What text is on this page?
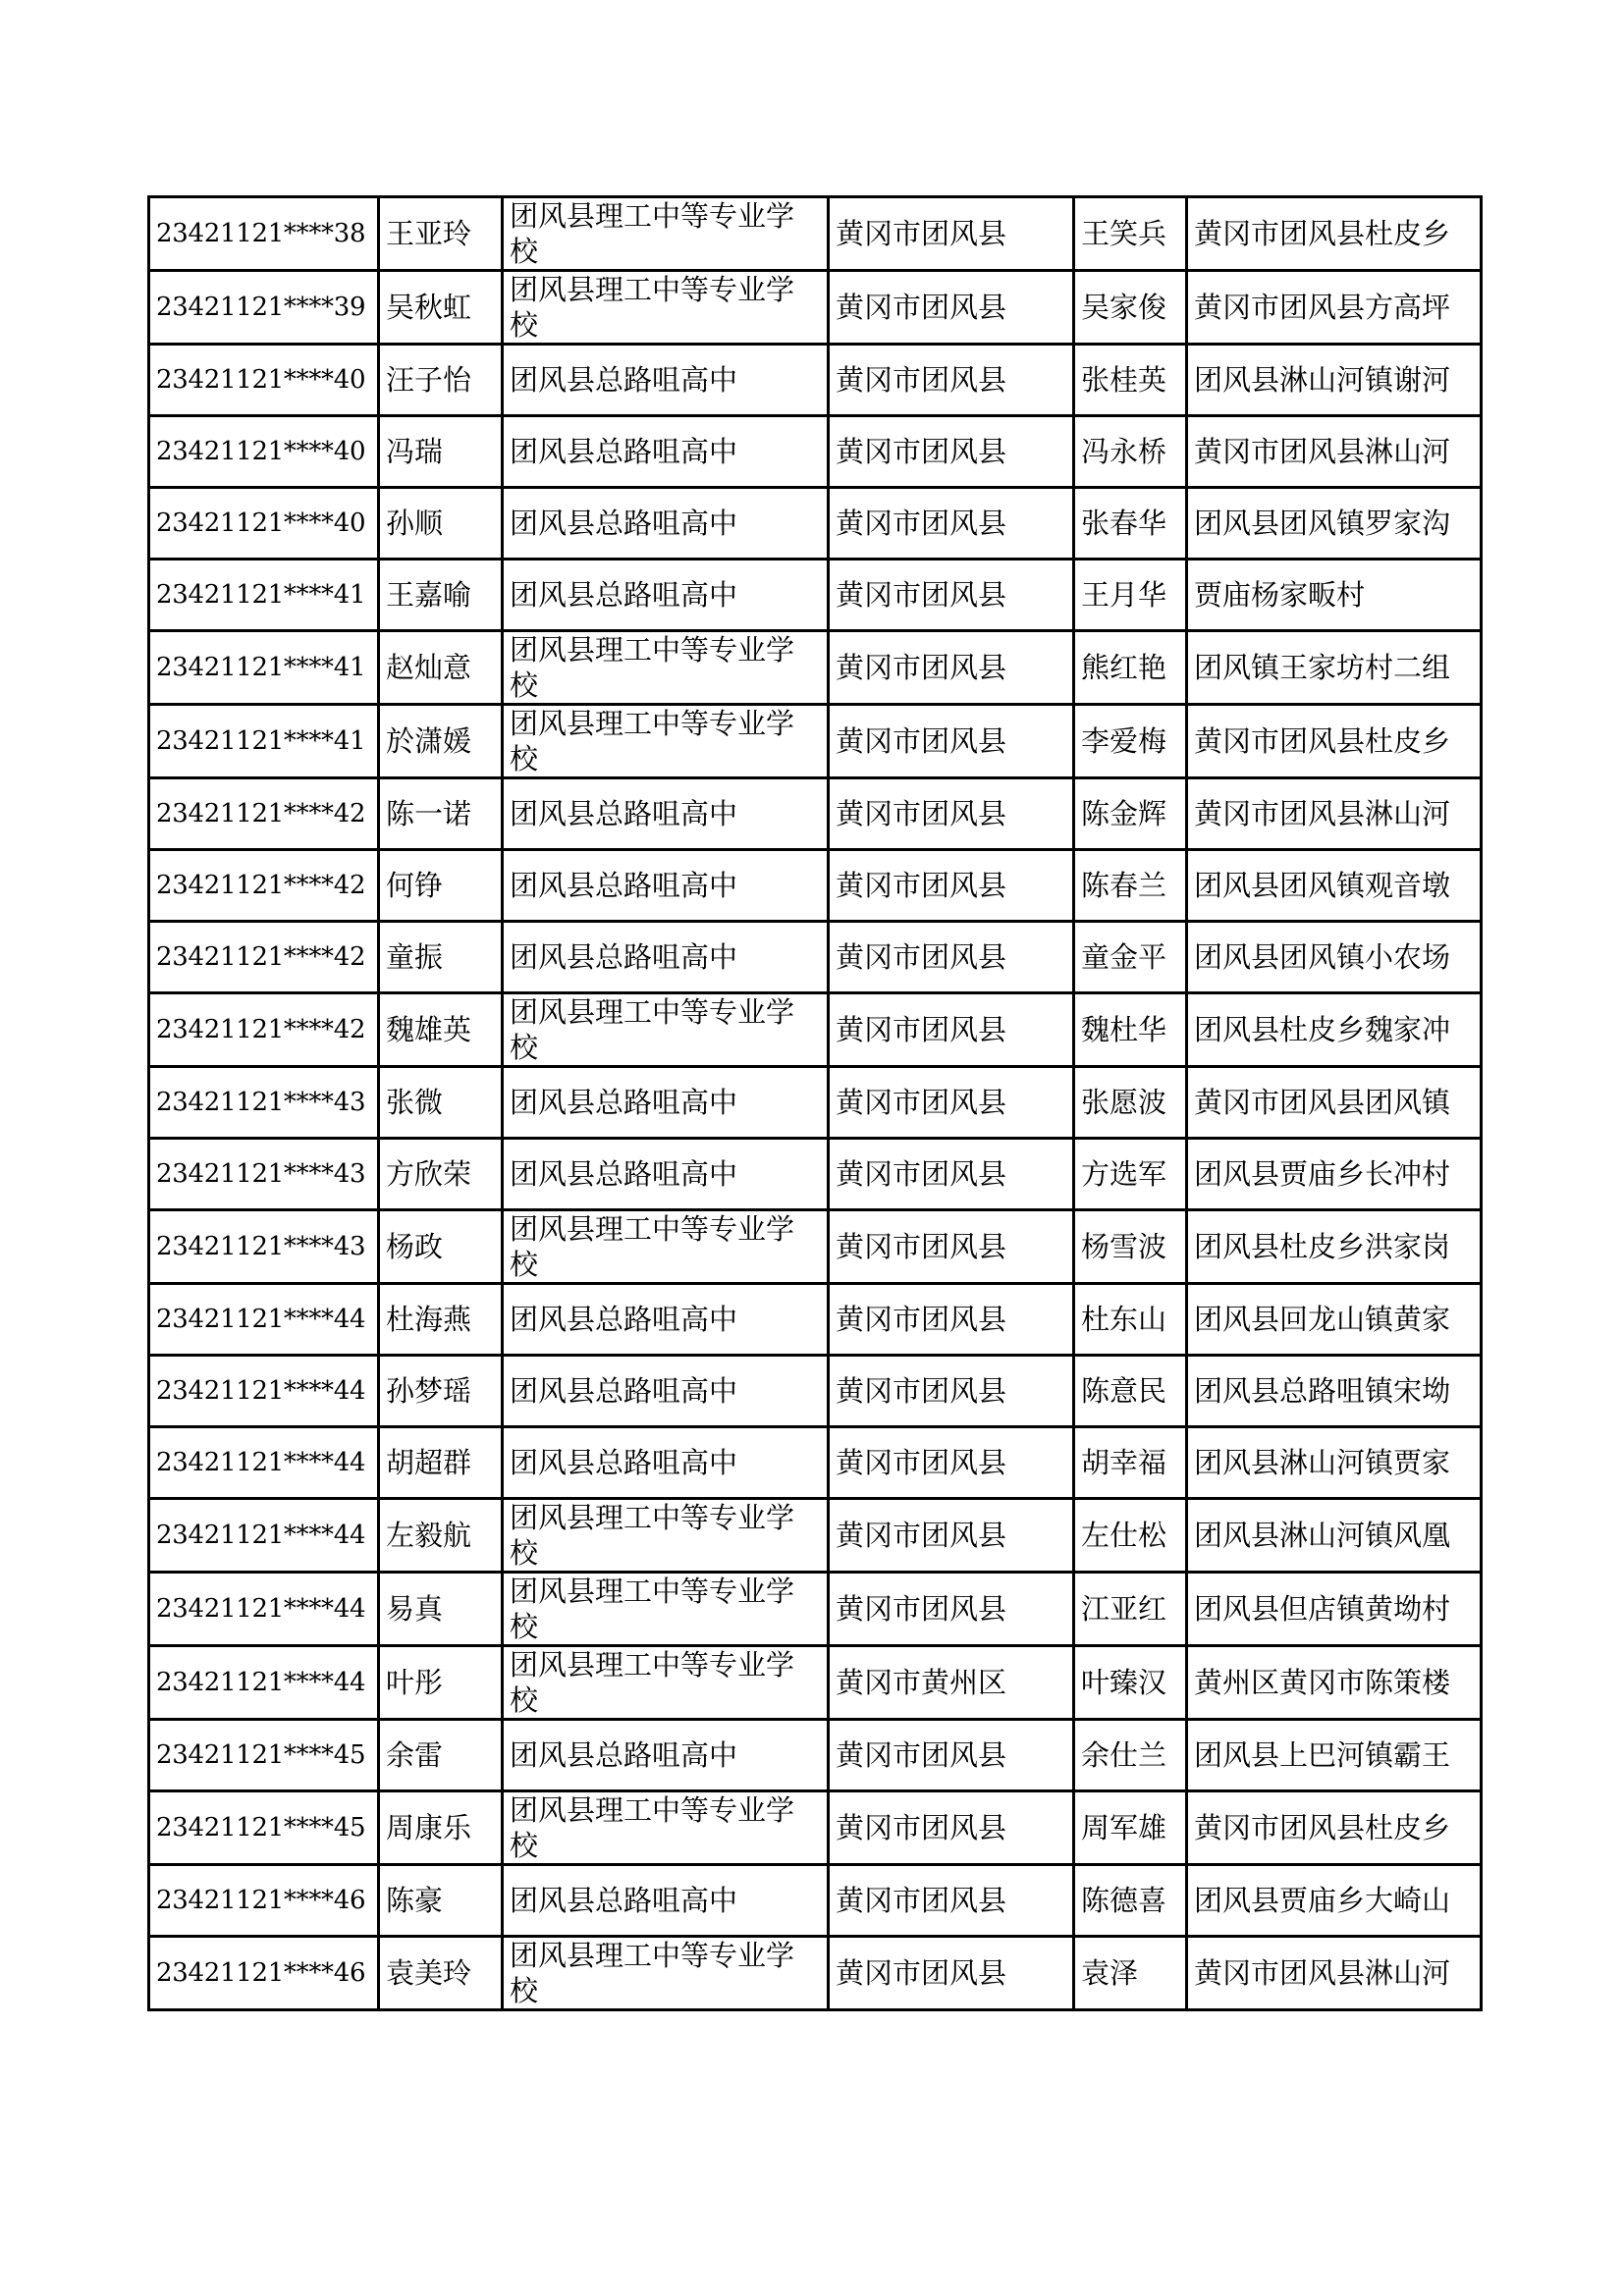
23421121****38	王亚玲	团风县理工中等专业学校	黄冈市团风县	王笑兵	黄冈市团风县杜皮乡
23421121****39	吴秋虹	团风县理工中等专业学校	黄冈市团风县	吴家俊	黄冈市团风县方高坪
23421121****40	汪子怡	团风县总路咀高中	黄冈市团风县	张桂英	团风县淋山河镇谢河
23421121****40	冯瑞	团风县总路咀高中	黄冈市团风县	冯永桥	黄冈市团风县淋山河
23421121****40	孙顺	团风县总路咀高中	黄冈市团风县	张春华	团风县团风镇罗家沟
23421121****41	王嘉喻	团风县总路咀高中	黄冈市团风县	王月华	贾庙杨家畈村
23421121****41	赵灿意	团风县理工中等专业学校	黄冈市团风县	熊红艳	团风镇王家坊村二组
23421121****41	於潇媛	团风县理工中等专业学校	黄冈市团风县	李爱梅	黄冈市团风县杜皮乡
23421121****42	陈一诺	团风县总路咀高中	黄冈市团风县	陈金辉	黄冈市团风县淋山河
23421121****42	何铮	团风县总路咀高中	黄冈市团风县	陈春兰	团风县团风镇观音墩
23421121****42	童振	团风县总路咀高中	黄冈市团风县	童金平	团风县团风镇小农场
23421121****42	魏雄英	团风县理工中等专业学校	黄冈市团风县	魏杜华	团风县杜皮乡魏家冲
23421121****43	张微	团风县总路咀高中	黄冈市团风县	张愿波	黄冈市团风县团风镇
23421121****43	方欣荣	团风县总路咀高中	黄冈市团风县	方选军	团风县贾庙乡长冲村
23421121****43	杨政	团风县理工中等专业学校	黄冈市团风县	杨雪波	团风县杜皮乡洪家岗
23421121****44	杜海燕	团风县总路咀高中	黄冈市团风县	杜东山	团风县回龙山镇黄家
23421121****44	孙梦瑶	团风县总路咀高中	黄冈市团风县	陈意民	团风县总路咀镇宋坳
23421121****44	胡超群	团风县总路咀高中	黄冈市团风县	胡幸福	团风县淋山河镇贾家
23421121****44	左毅航	团风县理工中等专业学校	黄冈市团风县	左仕松	团风县淋山河镇风凰
23421121****44	易真	团风县理工中等专业学校	黄冈市团风县	江亚红	团风县但店镇黄坳村
23421121****44	叶彤	团风县理工中等专业学校	黄冈市黄州区	叶臻汉	黄州区黄冈市陈策楼
23421121****45	余雷	团风县总路咀高中	黄冈市团风县	余仕兰	团风县上巴河镇霸王
23421121****45	周康乐	团风县理工中等专业学校	黄冈市团风县	周军雄	黄冈市团风县杜皮乡
23421121****46	陈豪	团风县总路咀高中	黄冈市团风县	陈德喜	团风县贾庙乡大崎山
23421121****46	袁美玲	团风县理工中等专业学校	黄冈市团风县	袁泽	黄冈市团风县淋山河
